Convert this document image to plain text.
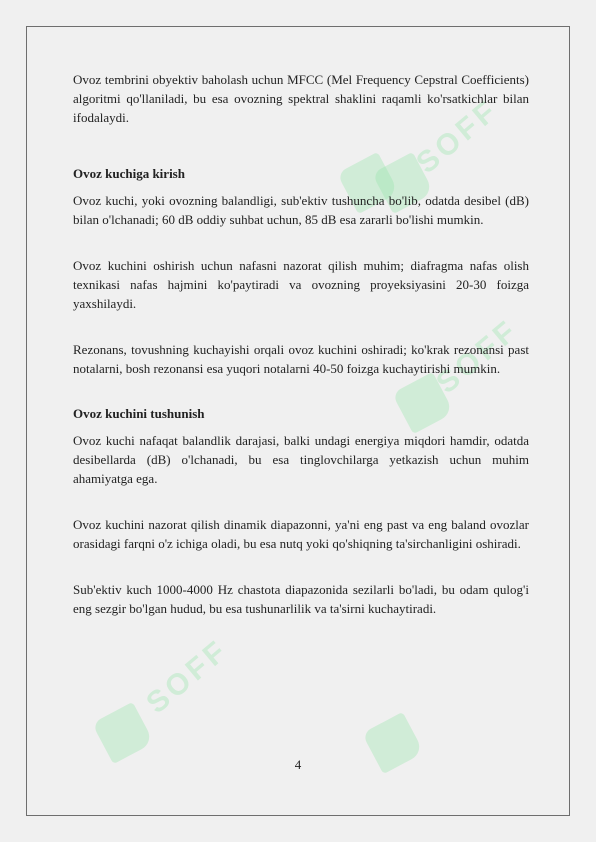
SOFF
SOFF
SOFF

Ovoz tembrini obyektiv baholash uchun MFCC (Mel Frequency Cepstral Coefficients) algoritmi qo'llaniladi, bu esa ovozning spektral shaklini raqamli ko'rsatkichlar bilan ifodalaydi.

Ovoz kuchiga kirish

Ovoz kuchi, yoki ovozning balandligi, sub'ektiv tushuncha bo'lib, odatda desibel (dB) bilan o'lchanadi; 60 dB oddiy suhbat uchun, 85 dB esa zararli bo'lishi mumkin.

Ovoz kuchini oshirish uchun nafasni nazorat qilish muhim; diafragma nafas olish texnikasi nafas hajmini ko'paytiradi va ovozning proyeksiyasini 20-30 foizga yaxshilaydi.

Rezonans, tovushning kuchayishi orqali ovoz kuchini oshiradi; ko'krak rezonansi past notalarni, bosh rezonansi esa yuqori notalarni 40-50 foizga kuchaytirishi mumkin.

Ovoz kuchini tushunish

Ovoz kuchi nafaqat balandlik darajasi, balki undagi energiya miqdori hamdir, odatda desibellarda (dB) o'lchanadi, bu esa tinglovchilarga yetkazish uchun muhim ahamiyatga ega.

Ovoz kuchini nazorat qilish dinamik diapazonni, ya'ni eng past va eng baland ovozlar orasidagi farqni o'z ichiga oladi, bu esa nutq yoki qo'shiqning ta'sirchanligini oshiradi.

Sub'ektiv kuch 1000-4000 Hz chastota diapazonida sezilarli bo'ladi, bu odam qulog'i eng sezgir bo'lgan hudud, bu esa tushunarlilik va ta'sirni kuchaytiradi.

4
